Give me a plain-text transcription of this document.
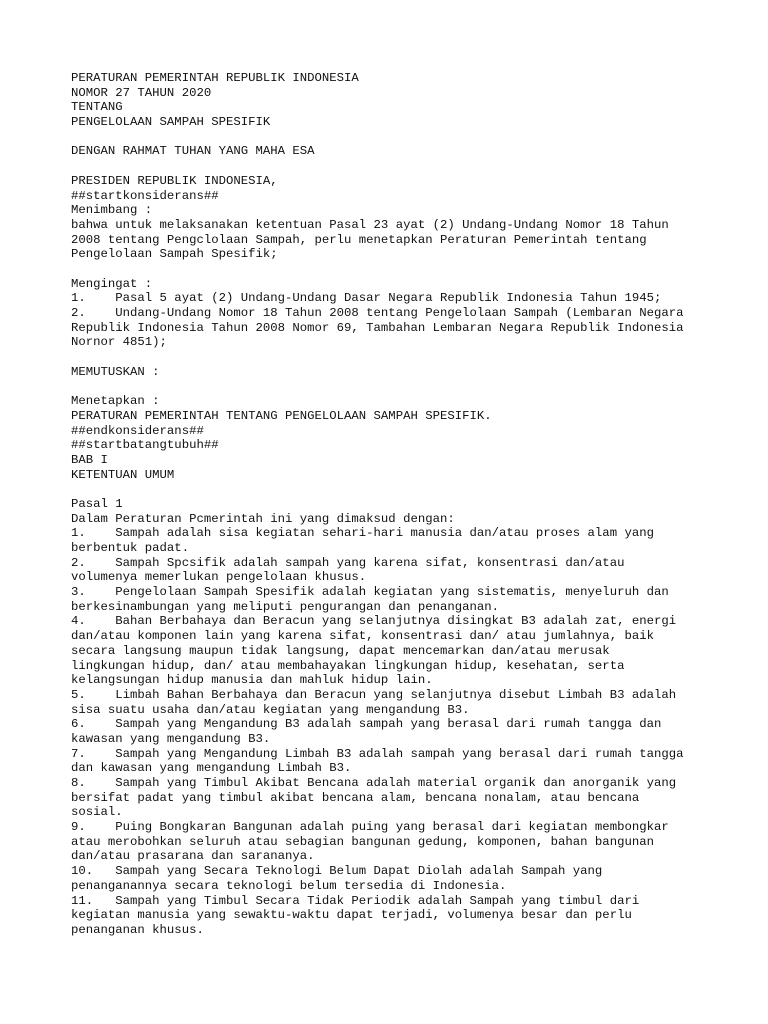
PERATURAN PEMERINTAH REPUBLIK INDONESIA
NOMOR 27 TAHUN 2020
TENTANG
PENGELOLAAN SAMPAH SPESIFIK
DENGAN RAHMAT TUHAN YANG MAHA ESA
PRESIDEN REPUBLIK INDONESIA,
##startkonsiderans##
Menimbang :
bahwa untuk melaksanakan ketentuan Pasal 23 ayat (2) Undang-Undang Nomor 18 Tahun
2008 tentang Pengclolaan Sampah, perlu menetapkan Peraturan Pemerintah tentang
Pengelolaan Sampah Spesifik;
Mengingat :
1.    Pasal 5 ayat (2) Undang-Undang Dasar Negara Republik Indonesia Tahun 1945;
2.    Undang-Undang Nomor 18 Tahun 2008 tentang Pengelolaan Sampah (Lembaran Negara
Republik Indonesia Tahun 2008 Nomor 69, Tambahan Lembaran Negara Republik Indonesia
Nornor 4851);
MEMUTUSKAN :
Menetapkan :
PERATURAN PEMERINTAH TENTANG PENGELOLAAN SAMPAH SPESIFIK.
##endkonsiderans##
##startbatangtubuh##
BAB I
KETENTUAN UMUM
Pasal 1
Dalam Peraturan Pcmerintah ini yang dimaksud dengan:
1.    Sampah adalah sisa kegiatan sehari-hari manusia dan/atau proses alam yang
berbentuk padat.
2.    Sampah Spcsifik adalah sampah yang karena sifat, konsentrasi dan/atau
volumenya memerlukan pengelolaan khusus.
3.    Pengelolaan Sampah Spesifik adalah kegiatan yang sistematis, menyeluruh dan
berkesinambungan yang meliputi pengurangan dan penanganan.
4.    Bahan Berbahaya dan Beracun yang selanjutnya disingkat B3 adalah zat, energi
dan/atau komponen lain yang karena sifat, konsentrasi dan/ atau jumlahnya, baik
secara langsung maupun tidak langsung, dapat mencemarkan dan/atau merusak
lingkungan hidup, dan/ atau membahayakan lingkungan hidup, kesehatan, serta
kelangsungan hidup manusia dan mahluk hidup lain.
5.    Limbah Bahan Berbahaya dan Beracun yang selanjutnya disebut Limbah B3 adalah
sisa suatu usaha dan/atau kegiatan yang mengandung B3.
6.    Sampah yang Mengandung B3 adalah sampah yang berasal dari rumah tangga dan
kawasan yang mengandung B3.
7.    Sampah yang Mengandung Limbah B3 adalah sampah yang berasal dari rumah tangga
dan kawasan yang mengandung Limbah B3.
8.    Sampah yang Timbul Akibat Bencana adalah material organik dan anorganik yang
bersifat padat yang timbul akibat bencana alam, bencana nonalam, atau bencana
sosial.
9.    Puing Bongkaran Bangunan adalah puing yang berasal dari kegiatan membongkar
atau merobohkan seluruh atau sebagian bangunan gedung, komponen, bahan bangunan
dan/atau prasarana dan sarananya.
10.   Sampah yang Secara Teknologi Belum Dapat Diolah adalah Sampah yang
penanganannya secara teknologi belum tersedia di Indonesia.
11.   Sampah yang Timbul Secara Tidak Periodik adalah Sampah yang timbul dari
kegiatan manusia yang sewaktu-waktu dapat terjadi, volumenya besar dan perlu
penanganan khusus.
